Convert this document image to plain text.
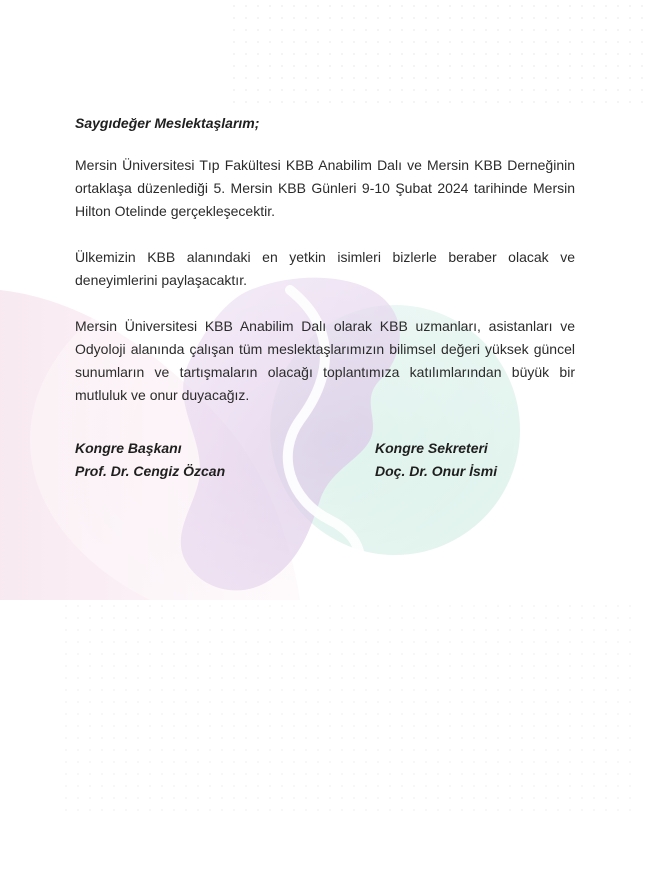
Saygıdeğer Meslektaşlarım;

Mersin Üniversitesi Tıp Fakültesi KBB Anabilim Dalı ve Mersin KBB Derneğinin ortaklaşa düzenlediği 5. Mersin KBB Günleri 9-10 Şubat 2024 tarihinde Mersin Hilton Otelinde gerçekleşecektir.

Ülkemizin KBB alanındaki en yetkin isimleri bizlerle beraber olacak ve deneyimlerini paylaşacaktır.

Mersin Üniversitesi KBB Anabilim Dalı olarak KBB uzmanları, asistanları ve Odyoloji alanında çalışan tüm meslektaşlarımızın bilimsel değeri yüksek güncel sunumların ve tartışmaların olacağı toplantımıza katılımlarından büyük bir mutluluk ve onur duyacağız.

Kongre Başkanı
Prof. Dr. Cengiz Özcan
Kongre Sekreteri
Doç. Dr. Onur İsmi
